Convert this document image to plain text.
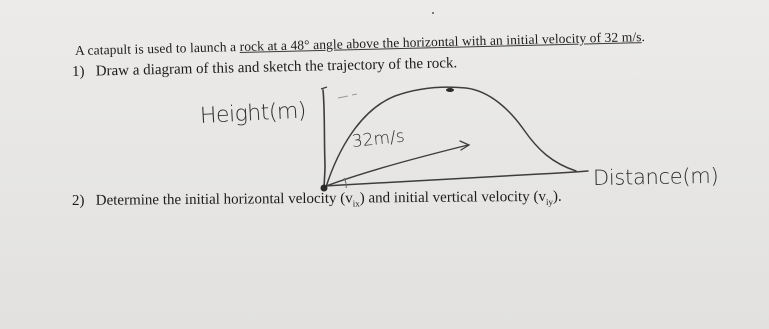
A catapult is used to launch a rock at a 48° angle above the horizontal with an initial velocity of 32 m/s.
1) Draw a diagram of this and sketch the trajectory of the rock.
Height(m)
32m/s
Distance(m)
2) Determine the initial horizontal velocity $(v_{ix})$ and initial vertical velocity $(v_{iy})$.
